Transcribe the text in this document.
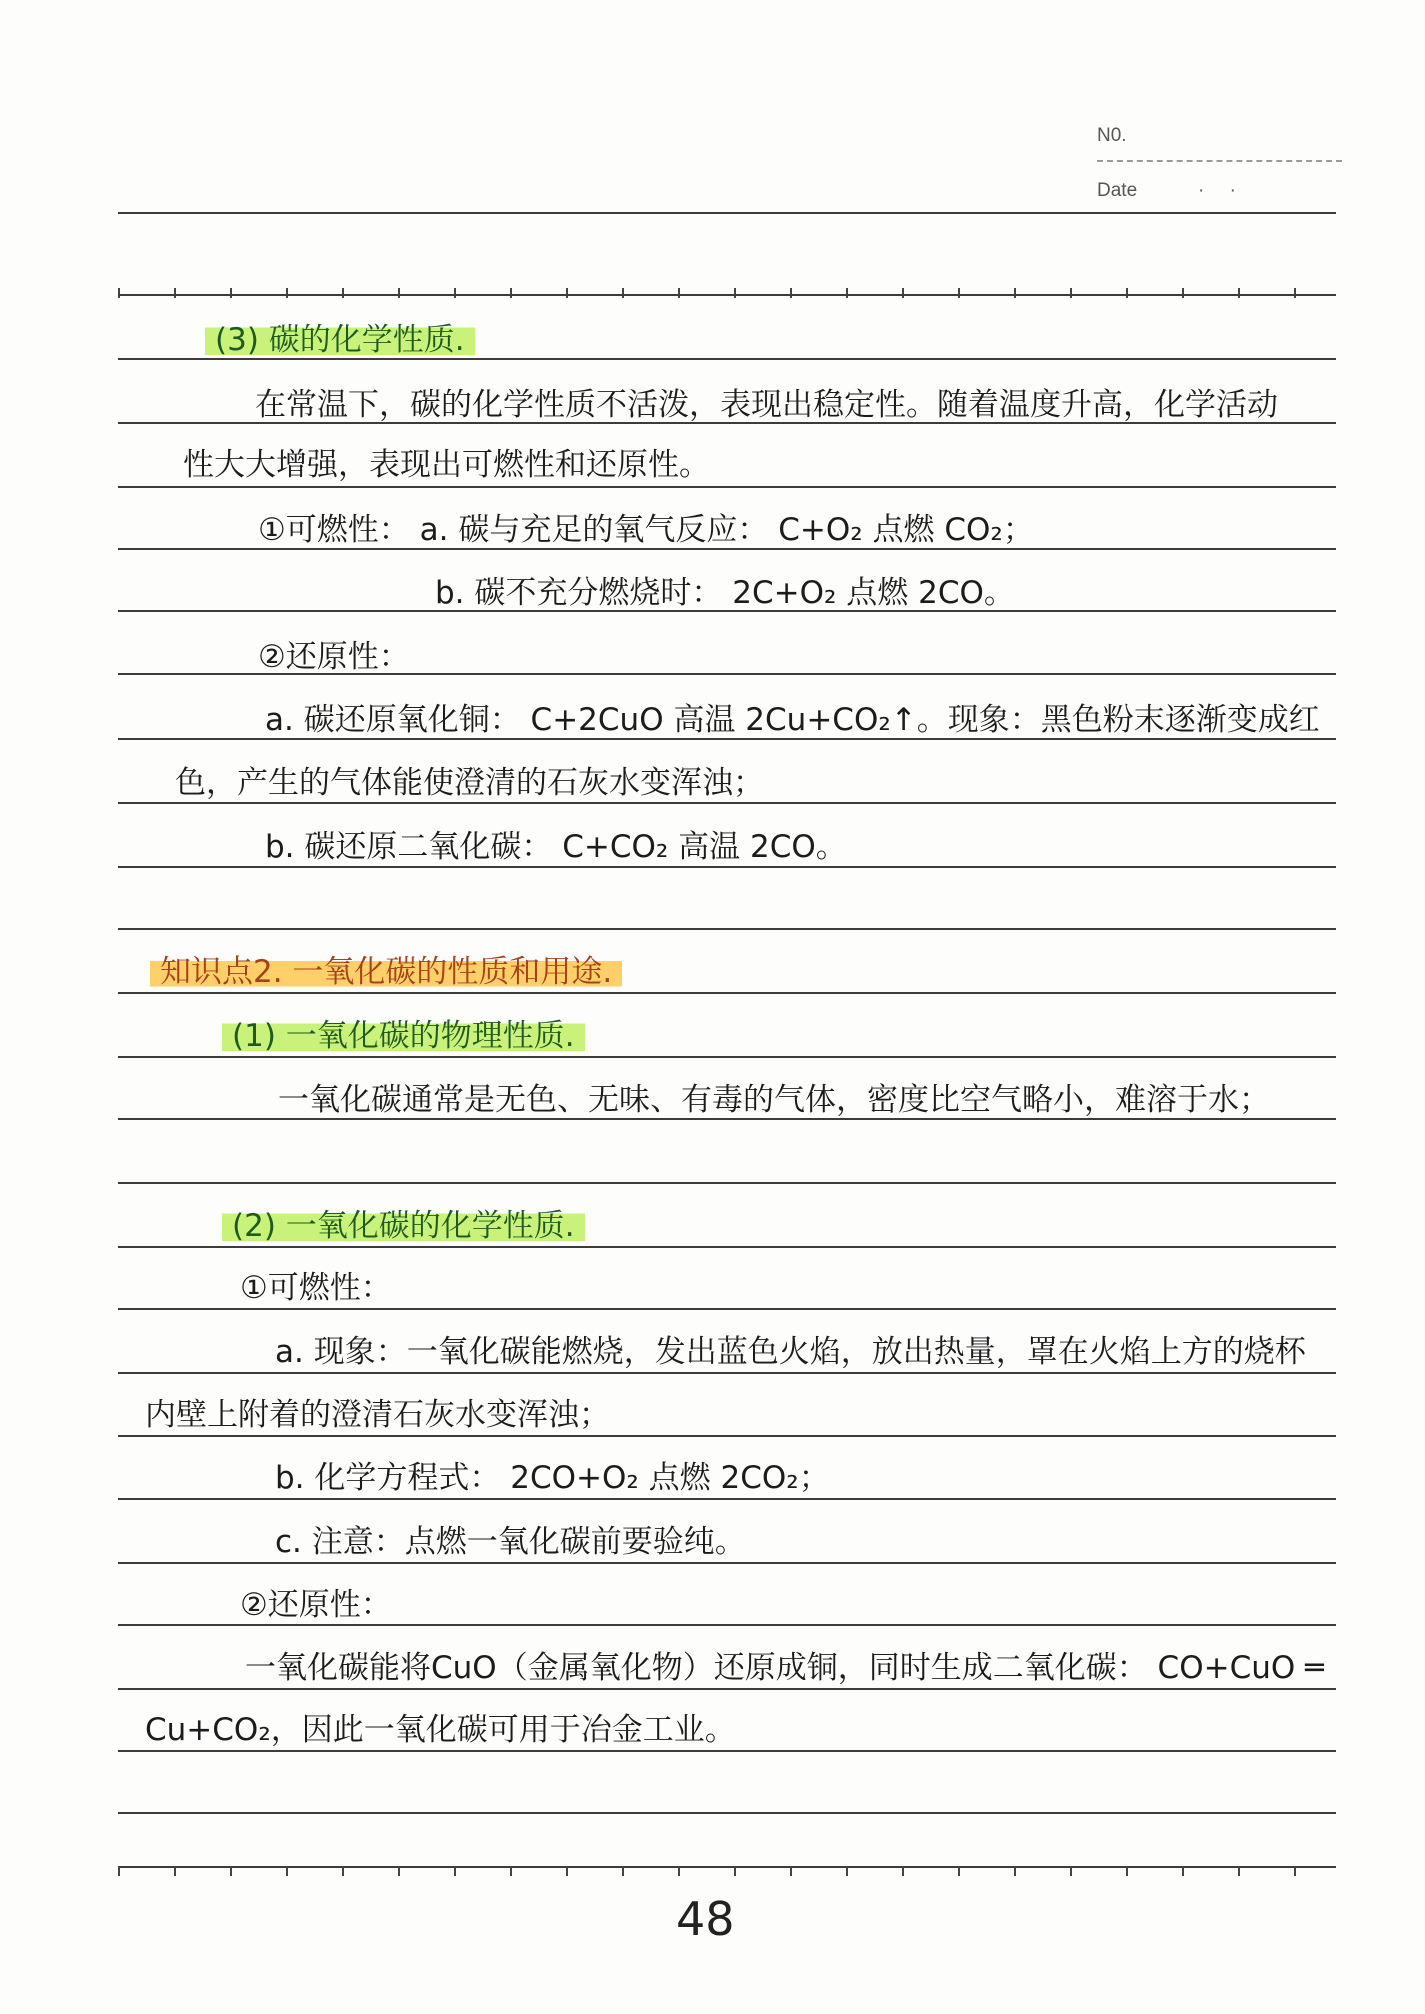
N0.
Date	· ·
(3) 碳的化学性质.
在常温下，碳的化学性质不活泼，表现出稳定性。随着温度升高，化学活动
性大大增强，表现出可燃性和还原性。
①可燃性： a. 碳与充足的氧气反应： C+O₂ 点燃 CO₂；
b. 碳不充分燃烧时： 2C+O₂ 点燃 2CO。
②还原性：
a. 碳还原氧化铜： C+2CuO 高温 2Cu+CO₂↑。现象：黑色粉末逐渐变成红
色，产生的气体能使澄清的石灰水变浑浊；
b. 碳还原二氧化碳： C+CO₂ 高温 2CO。
知识点2. 一氧化碳的性质和用途.
(1) 一氧化碳的物理性质.
一氧化碳通常是无色、无味、有毒的气体，密度比空气略小，难溶于水；
(2) 一氧化碳的化学性质.
①可燃性：
a. 现象：一氧化碳能燃烧，发出蓝色火焰，放出热量，罩在火焰上方的烧杯
内壁上附着的澄清石灰水变浑浊；
b. 化学方程式： 2CO+O₂ 点燃 2CO₂；
c. 注意：点燃一氧化碳前要验纯。
②还原性：
一氧化碳能将CuO（金属氧化物）还原成铜，同时生成二氧化碳： CO+CuO ═
Cu+CO₂，因此一氧化碳可用于冶金工业。
48
